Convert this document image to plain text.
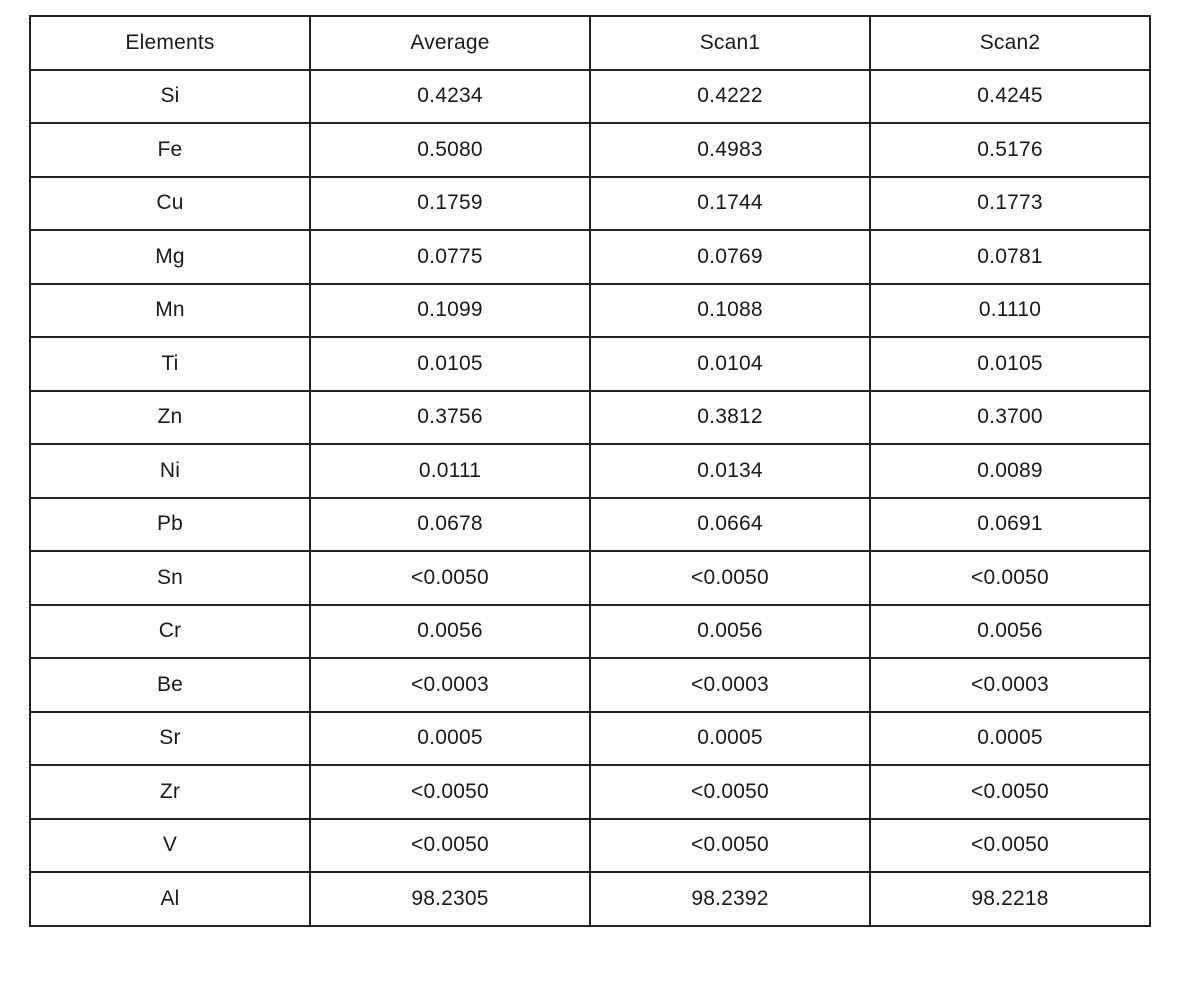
Elements	Average	Scan1	Scan2
Si	0.4234	0.4222	0.4245
Fe	0.5080	0.4983	0.5176
Cu	0.1759	0.1744	0.1773
Mg	0.0775	0.0769	0.0781
Mn	0.1099	0.1088	0.1110
Ti	0.0105	0.0104	0.0105
Zn	0.3756	0.3812	0.3700
Ni	0.0111	0.0134	0.0089
Pb	0.0678	0.0664	0.0691
Sn	<0.0050	<0.0050	<0.0050
Cr	0.0056	0.0056	0.0056
Be	<0.0003	<0.0003	<0.0003
Sr	0.0005	0.0005	0.0005
Zr	<0.0050	<0.0050	<0.0050
V	<0.0050	<0.0050	<0.0050
Al	98.2305	98.2392	98.2218
